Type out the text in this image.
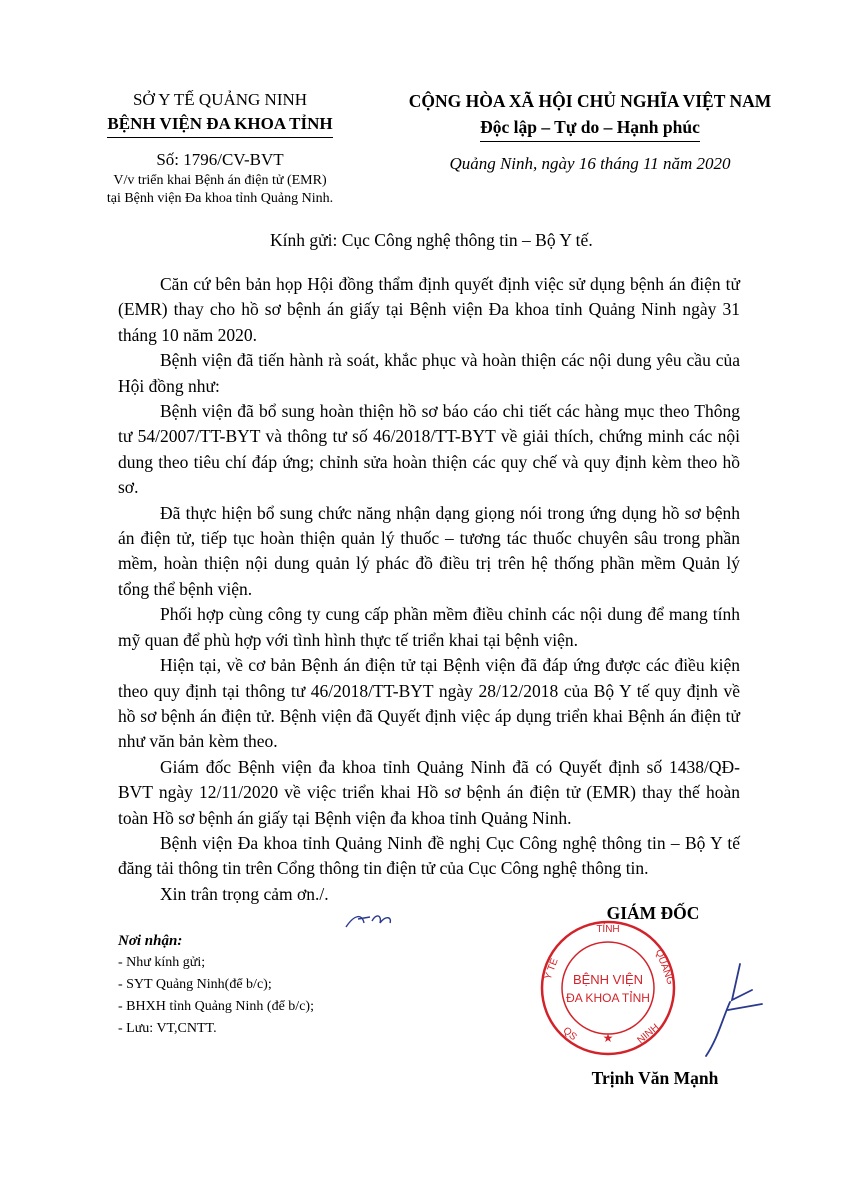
SỞ Y TẾ QUẢNG NINH
BỆNH VIỆN ĐA KHOA TỈNH
Số: 1796/CV-BVT
V/v triển khai Bệnh án điện tử (EMR)
tại Bệnh viện Đa khoa tỉnh Quảng Ninh.
CỘNG HÒA XÃ HỘI CHỦ NGHĨA VIỆT NAM
Độc lập – Tự do – Hạnh phúc
Quảng Ninh, ngày 16 tháng 11 năm 2020
Kính gửi: Cục Công nghệ thông tin – Bộ Y tế.

Căn cứ bên bản họp Hội đồng thẩm định quyết định việc sử dụng bệnh án điện tử (EMR) thay cho hồ sơ bệnh án giấy tại Bệnh viện Đa khoa tỉnh Quảng Ninh ngày 31 tháng 10 năm 2020.

Bệnh viện đã tiến hành rà soát, khắc phục và hoàn thiện các nội dung yêu cầu của Hội đồng như:

Bệnh viện đã bổ sung hoàn thiện hồ sơ báo cáo chi tiết các hàng mục theo Thông tư 54/2007/TT-BYT và thông tư số 46/2018/TT-BYT về giải thích, chứng minh các nội dung theo tiêu chí đáp ứng; chỉnh sửa hoàn thiện các quy chế và quy định kèm theo hồ sơ.

Đã thực hiện bổ sung chức năng nhận dạng giọng nói trong ứng dụng hồ sơ bệnh án điện tử, tiếp tục hoàn thiện quản lý thuốc – tương tác thuốc chuyên sâu trong phần mềm, hoàn thiện nội dung quản lý phác đồ điều trị trên hệ thống phần mềm Quản lý tổng thể bệnh viện.

Phối hợp cùng công ty cung cấp phần mềm điều chỉnh các nội dung để mang tính mỹ quan để phù hợp với tình hình thực tế triển khai tại bệnh viện.

Hiện tại, về cơ bản Bệnh án điện tử tại Bệnh viện đã đáp ứng được các điều kiện theo quy định tại thông tư 46/2018/TT-BYT ngày 28/12/2018 của Bộ Y tế quy định về hồ sơ bệnh án điện tử. Bệnh viện đã Quyết định việc áp dụng triển khai Bệnh án điện tử như văn bản kèm theo.

Giám đốc Bệnh viện đa khoa tỉnh Quảng Ninh đã có Quyết định số 1438/QĐ-BVT ngày 12/11/2020 về việc triển khai Hồ sơ bệnh án điện tử (EMR) thay thế hoàn toàn Hồ sơ bệnh án giấy tại Bệnh viện đa khoa tỉnh Quảng Ninh.

Bệnh viện Đa khoa tỉnh Quảng Ninh đề nghị Cục Công nghệ thông tin – Bộ Y tế đăng tải thông tin trên Cổng thông tin điện tử của Cục Công nghệ thông tin.

Xin trân trọng cảm ơn./.

Nơi nhận:
- Như kính gửi;
- SYT Quảng Ninh(để b/c);
- BHXH tỉnh Quảng Ninh (để b/c);
- Lưu: VT,CNTT.
TỈNH
Y TẾ	QUẢNG
QS	NINH
BỆNH VIỆN
ĐA KHOA TỈNH
★
GIÁM ĐỐC
Trịnh Văn Mạnh
